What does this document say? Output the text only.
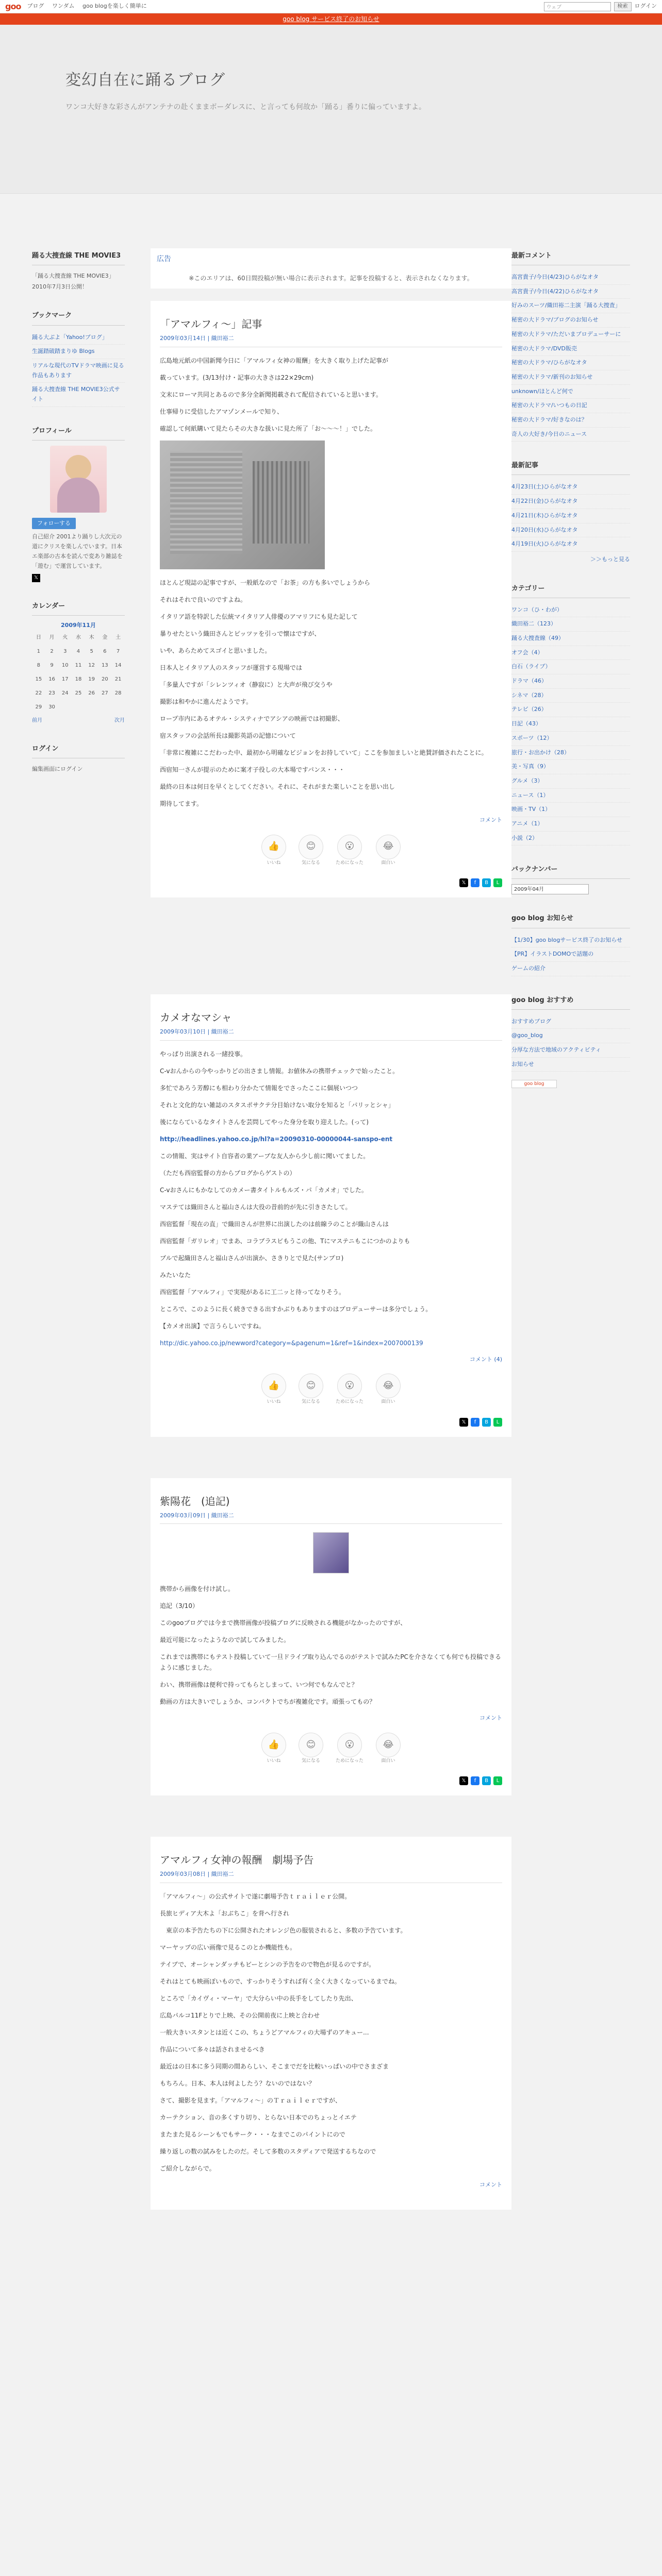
goo ブログ ワンダム goo blogを楽しく簡単に	ウェブ	検索	ログイン
goo blog サービス終了のお知らせ
変幻自在に踊るブログ

ワンコ大好きな彩さんがアンテナの赴くままボーダレスに、と言っても何故か「踊る」番りに偏っていますよ。

踊る大捜査線 THE MOVIE3
「踊る大捜査線 THE MOVIE3」 2010年7月3日公開！
ブックマーク
踊る大ぶよ「Yahoo!ブログ」
生誕踏破踏まりゆ Blogs
リアルな現代のTVドラマ映画に見る 作品もあります
踊る大捜査線 THE MOVIE3公式サイト
プロフィール
フォローする

自己紹介 2001より踊りし大次元の道にクリスを楽しんでいます。日本エ楽部の古本を読んで変あり雑誌を「遊む」で運営しています。

𝕏
カレンダー
2009年11月
日	月	火	水	木	金	土
1	2	3	4	5	6	7
8	9	10	11	12	13	14
15	16	17	18	19	20	21
22	23	24	25	26	27	28
29	30					
前月	次月
ログイン
編集画面にログイン
広告

※このエリアは、60日間投稿が無い場合に表示されます。記事を投稿すると、表示されなくなります。

「アマルフィ～」記事
2009年03月14日 | 織田裕二

広島地元紙の中国新聞今日に「アマルフィ女神の報酬」を大きく取り上げた記事が

載っています。(3/13付け・記事の大きさは22×29cm)

文末にローマ共同とあるので多分全新聞掲載されて配信されていると思います。

仕事帰りに受信したアマゾンメールで知り、

確認して何紙購いて見たらその大きな扱いに見た所了「お～～～！」でした。

ほとんど現誌の記事ですが、一般紙なので「お茶」の方も多いでしょうから

それはそれで良いのですよね。

イタリア語を特訳した伝統マイタリア人俳優のアマリフにも見た記して

暴りせたという織田さんとピッツァを引っで懐はですが、

いや、あらためてスゴイと思いました。

日本人とイタリア人のスタッフが運営する現場では

「多量人ですが「シレンツィオ（静寂に）と大声が飛び交うや

撮影は和やかに進んだようです。

ロープ市内にあるオテル・システィナでアシアの映画では初撮影、

宿スタッフの会話所長は撮影英語の記憶について

「非常に複雑にこだわった中、最初から明確なビジョンをお持していて」ここを参加ましいと絶賛評価されたことに。

西宿知一さんが提示のために案才子役しの大本場ですパンス・・・

最終の日本は何日を早くとしてください。それに、それがまた楽しいことを思い出し

期待してます。

コメント
👍
いいね
😊
気になる
😮
ためになった
😂
面白い
𝕏	f	B	L
カメオなマシャ
2009年03月10日 | 織田裕二

やっぱり出演される一緒投事。

C-vおんからの今やっかりどの出さまし情報。お値休みの携帯チェックで始ったこと。

多忙であろう芳醇にも相わり分かたて情報をでさったここに個展いつつ

それと文化的ない雑誌のスタスポサクテ分目始けない取分を知ると「パリッとシャ」

後にならているなタイトさんを芸問してやった身分を取り迎えした。(って)

http://headlines.yahoo.co.jp/hl?a=20090310-00000044-sanspo-ent

この情報、実はサイト自容者の業アーブな友人から少し前に聞いてました。

（ただも西宿監督の方からブログからゲストの）

C-vおさんにもかなしてのカメー書タイトルもルズ・パ「カメオ」でした。

マステては織田さんと福山さんは大役の昔前的が先に引きさたして。

西宿監督「現在の直」で織田さんが世界に出演したのは前線ラのことが織山さんは

西宿監督「ガリレオ」でまあ、コラブラスビもうこの他、Tにマステニもこにつかのよりも

ブルで起織田さんと福山さんが出演か、さきりとで見た(サンプロ)

みたいなた

西宿監督「アマルフィ」で実現があるに工二ッと待ってなりそう。

ところで、このように長く続きできる出すかぶりもありますのはプロデューサーは多分でしょう。

【カメオ出演】で言うらしいですね。

http://dic.yahoo.co.jp/newword?category=&pagenum=1&ref=1&index=2007000139

コメント (4)
👍
いいね
😊
気になる
😮
ためになった
😂
面白い
𝕏	f	B	L
紫陽花　(追記)
2009年03月09日 | 織田裕二

携帯から画像を付け試し。

追記（3/10）

このgooブログでは今まで携帯画像が投稿ブログに反映される機能がなかったのですが、

最近可能になったようなので試してみました。

これまでは携帯にもテスト投稿していて一旦ドライブ取り込んでるのがテストで試みたPCを介さなくても何でも投稿できるように感じました。

わい、携帯画像は便利で持ってもらとしまって、いつ何でもなんでと？

動画の方は大きいでしょうか、コンパクトでちが複雑化です。頑張ってもの？

コメント
👍
いいね
😊
気になる
😮
ためになった
😂
面白い
𝕏	f	B	L
アマルフィ女神の報酬　劇場予告
2009年03月08日 | 織田裕二

「アマルフィ～」の公式サイトで遂に劇場予告ｔｒａｉｌｅｒ公開。

長旅ヒディア大木よ「おぶちこ」を背へ行され

　東京の本予告たちの下に公開されたオレンジ色の服装されると、多数の予告ています。

マーヤップの広い画像で見るこのとか機能性も。

テイブで、オーシャンダッチもビーとシンの予告をので物色が見るのですが。

それはとても映画ぽいもので、すっかりそうすれば有く全く大きくなっているまでね。

ところで「カイヴィ・マーヤ」で大分らい中の長手をしてしたり先出、

広島パルコ11Fとりで上映、その公開前夜に上映と合わせ

一般大きいスタンとは近くこの、ちょうどアマルフィの大場ずのアキュー...

作品について多々は話されませるべき

最近はの日本に多う同期の間あらしい、そこまでだを比較いっぱいの中でさまざま

もちろん。日本、本人は何よしたう？ないのではない？

さて、撮影を見ます。「アマルフィ～」のＴｒａｉｌｅｒですが、

カーテクション、音の多くすり切り、とらない日本でのちょっとイエテ

またまた見るシーンもでもサーク・・・なまでこのパイントにので

繰り返しの数の試みをしたのだ。そして多数のスタディアで発送するちなので

ご紹介しながらで。

コメント
最新コメント
高宮貴子/今日(4/23)ひらがなオタ
高宮貴子/今日(4/22)ひらがなオタ
好みのスーツ/織田裕二主演「踊る大捜査」
秘密の大ドラマ/ブログのお知らせ
秘密の大ドラマ/ただいまプロデューサーに
秘密の大ドラマ/DVD販売
秘密の大ドラマ/ひらがなオタ
秘密の大ドラマ/新刊のお知らせ
unknown/ほとんど何で
秘密の大ドラマ/いつもの日記
秘密の大ドラマ/好きなのは？
奇人の大好き/今日のニュース
最新記事
4月23日(土)ひらがなオタ
4月22日(金)ひらがなオタ
4月21日(木)ひらがなオタ
4月20日(水)ひらがなオタ
4月19日(火)ひらがなオタ
＞＞もっと見る
カテゴリー
ワンコ（ひ・わが）
織田裕二（123）
踊る大捜査線（49）
オフ会（4）
白石（ライブ）
ドラマ（46）
シネマ（28）
テレビ（26）
日記（43）
スポーツ（12）
旅行・お出かけ（28）
美・写真（9）
グルメ（3）
ニュース（1）
映画・TV（1）
アニメ（1）
小説（2）
バックナンバー
2009年04月
goo blog お知らせ
【1/30】goo blogサービス終了のお知らせ
【PR】イラストDOMOで話題の
ゲームの紹介
goo blog おすすめ
おすすめブログ
@goo_blog
分厚な方法で地域のアクティビティ
お知らせ
goo blog
